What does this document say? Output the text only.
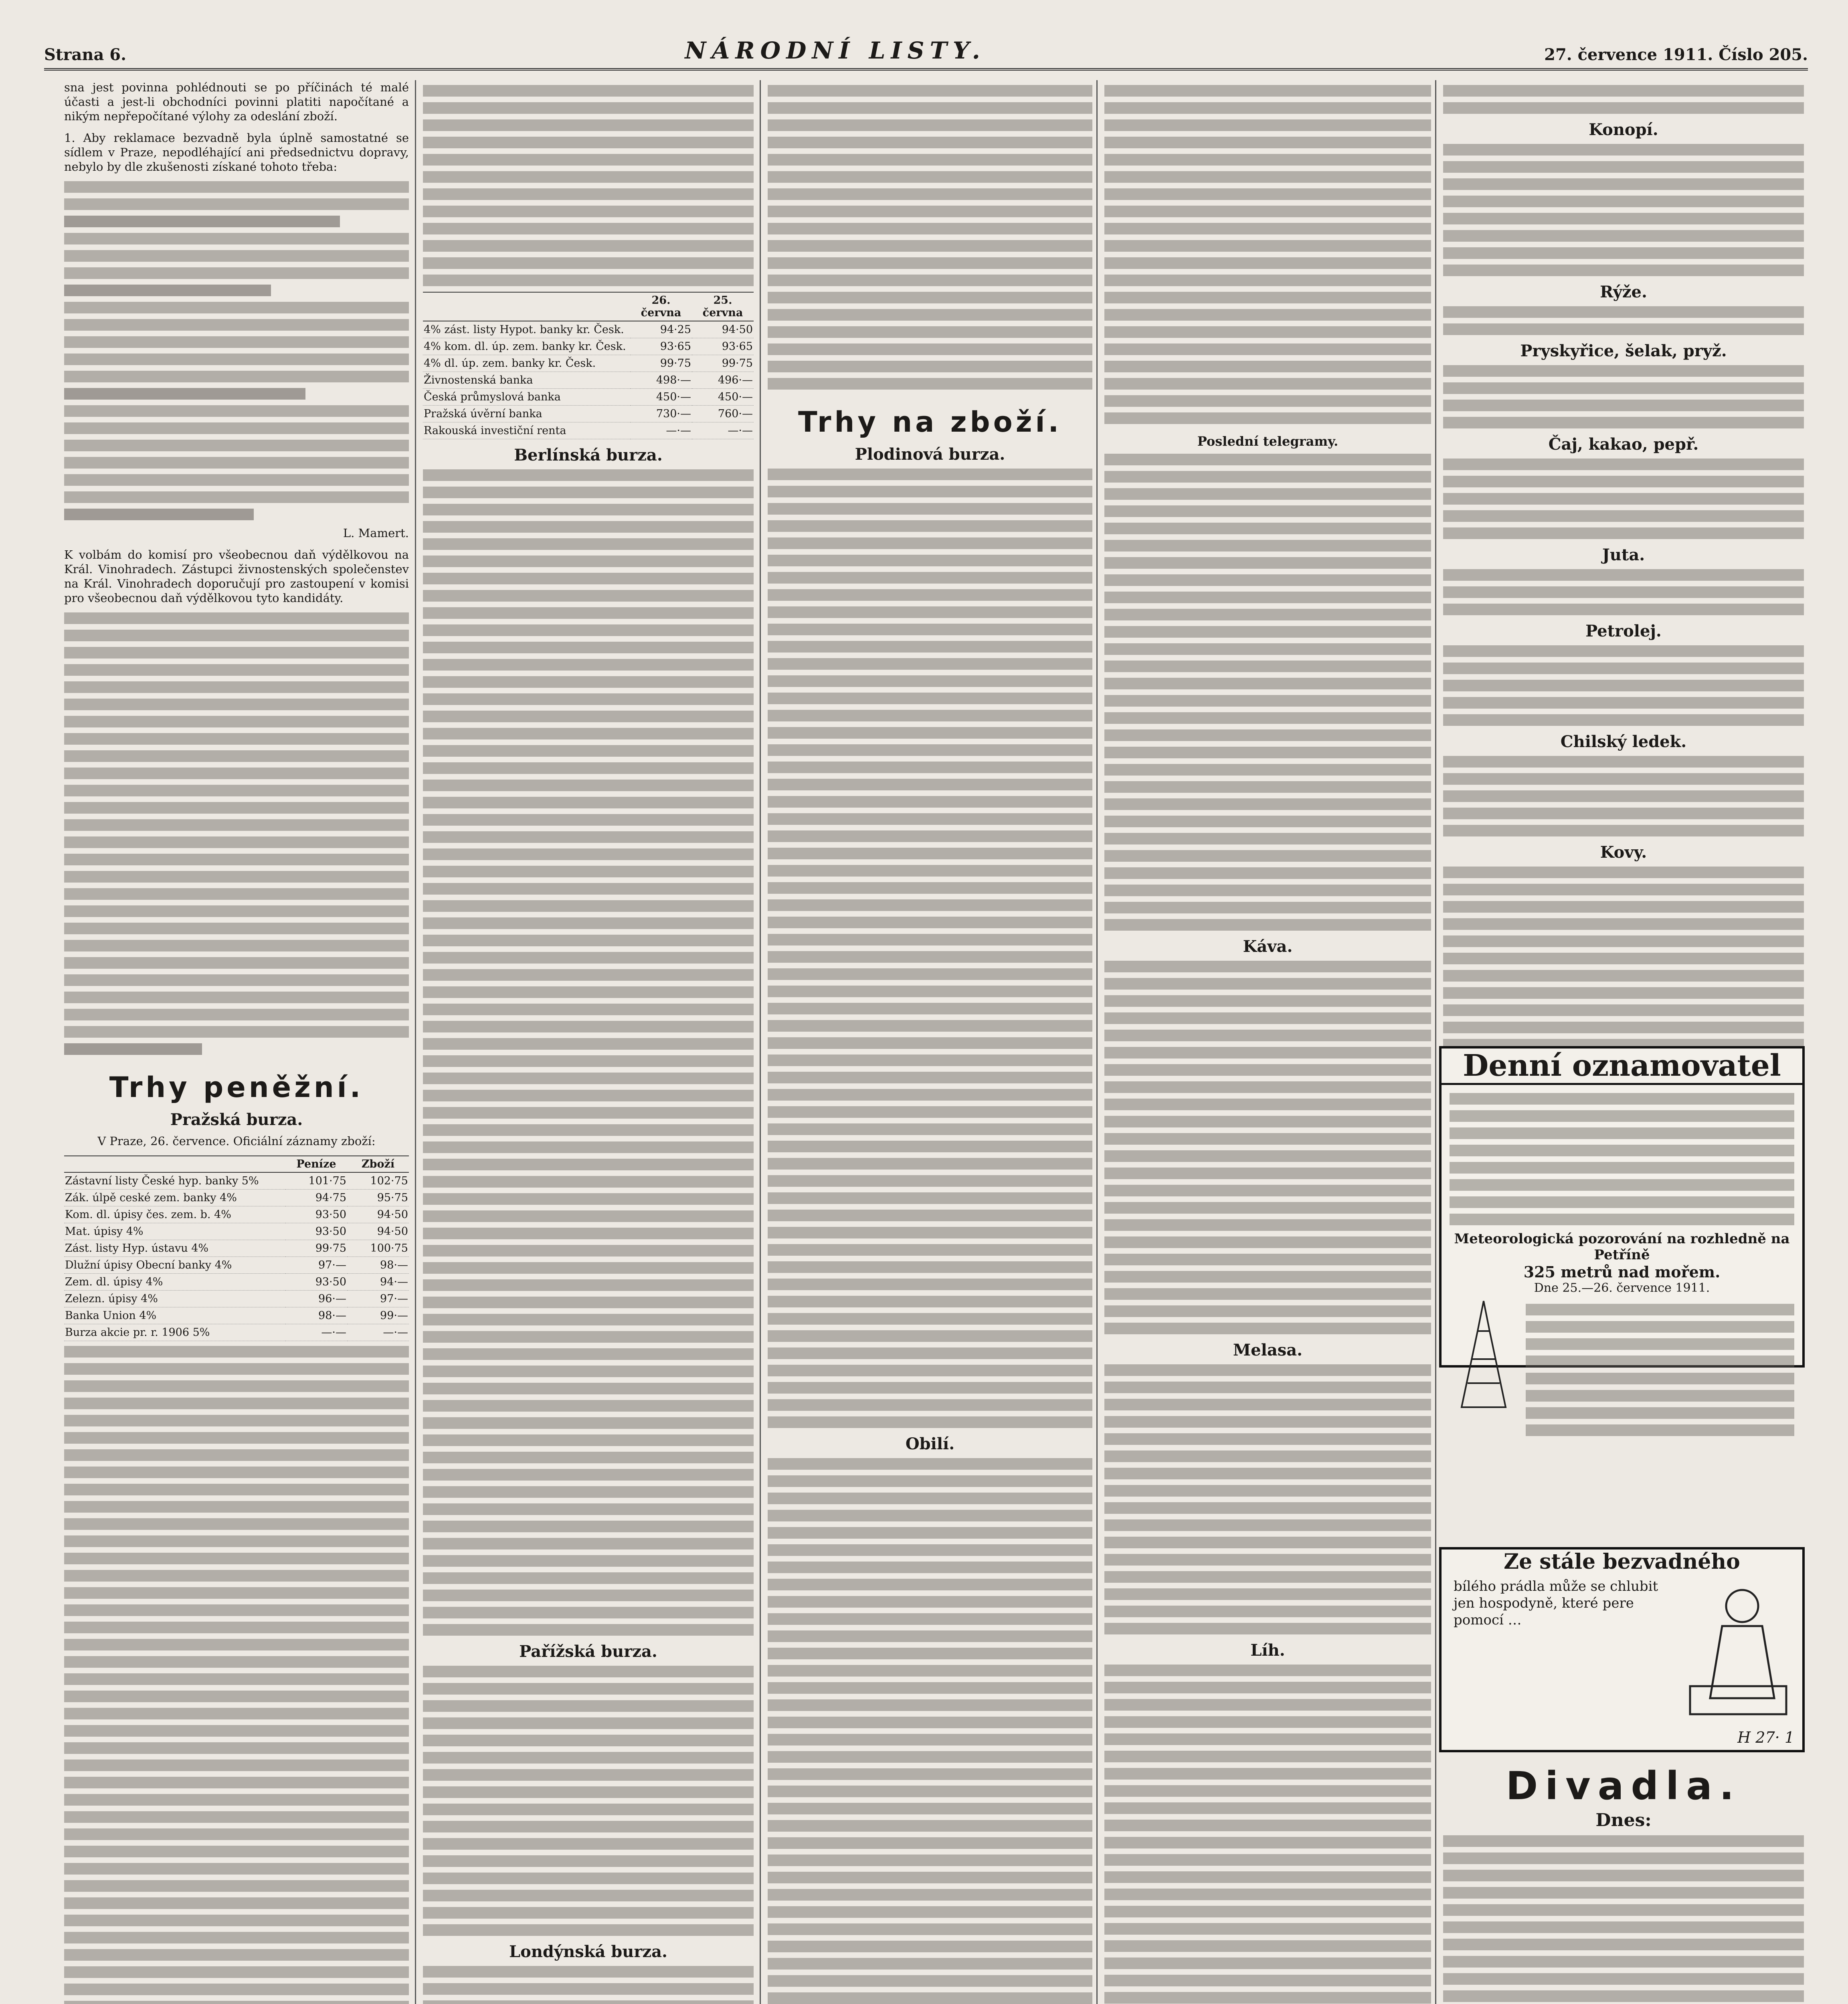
Strana 6.	NÁRODNÍ LISTY.	27. července 1911. Číslo 205.

sna jest povinna pohlédnouti se po příčinách té malé účasti a jest-li obchodníci povinni platiti napočítané a nikým nepřepočítané výlohy za odeslání zboží.

1. Aby reklamace bezvadně byla úplně samostatné se sídlem v Praze, nepodléhající ani předsednictvu dopravy, nebylo by dle zkušenosti získané tohoto třeba:

L. Mamert.

K volbám do komisí pro všeobecnou daň výdělkovou na Král. Vinohradech. Zástupci živnostenských společenstev na Král. Vinohradech doporučují pro zastoupení v komisi pro všeobecnou daň výdělkovou tyto kandidáty.

Trhy peněžní.
Pražská burza.

V Praze, 26. července. Oficiální záznamy zboží:

	Peníze	Zboží
Zástavní listy České hyp. banky 5%	101·75	102·75
Zák. úlpě ceské zem. banky 4%	94·75	95·75
Kom. dl. úpisy čes. zem. b. 4%	93·50	94·50
Mat. úpisy 4%	93·50	94·50
Zást. listy Hyp. ústavu 4%	99·75	100·75
Dlužní úpisy Obecní banky 4%	97·—	98·—
Zem. dl. úpisy 4%	93·50	94·—
Zelezn. úpisy 4%	96·—	97·—
Banka Union 4%	98·—	99·—
Burza akcie pr. r. 1906 5%	—·—	—·—
	26. června	25. června
4% zást. listy Hypot. banky kr. Česk.	94·25	94·50
4% kom. dl. úp. zem. banky kr. Česk.	93·65	93·65
4% dl. úp. zem. banky kr. Česk.	99·75	99·75
Živnostenská banka	498·—	496·—
Česká průmyslová banka	450·—	450·—
Pražská úvěrní banka	730·—	760·—
Rakouská investiční renta	—·—	—·—
Berlínská burza.
Pařížská burza.
Londýnská burza.
Trhy na zboží.
Plodinová burza.
Obilí.
Poslední telegramy.
Káva.
Melasa.
Líh.
Konopí.
Rýže.
Pryskyřice, šelak, pryž.
Čaj, kakao, pepř.
Juta.
Petrolej.
Chilský ledek.
Kovy.
Denní oznamovatel
Meteorologická pozorování na rozhledně na Petříně
325 metrů nad mořem.
Dne 25.—26. července 1911.
Ze stále bezvadného
bílého prádla může se chlubit jen hospodyně, které pere pomocí …
H 27· 1
Divadla.
Dnes:
